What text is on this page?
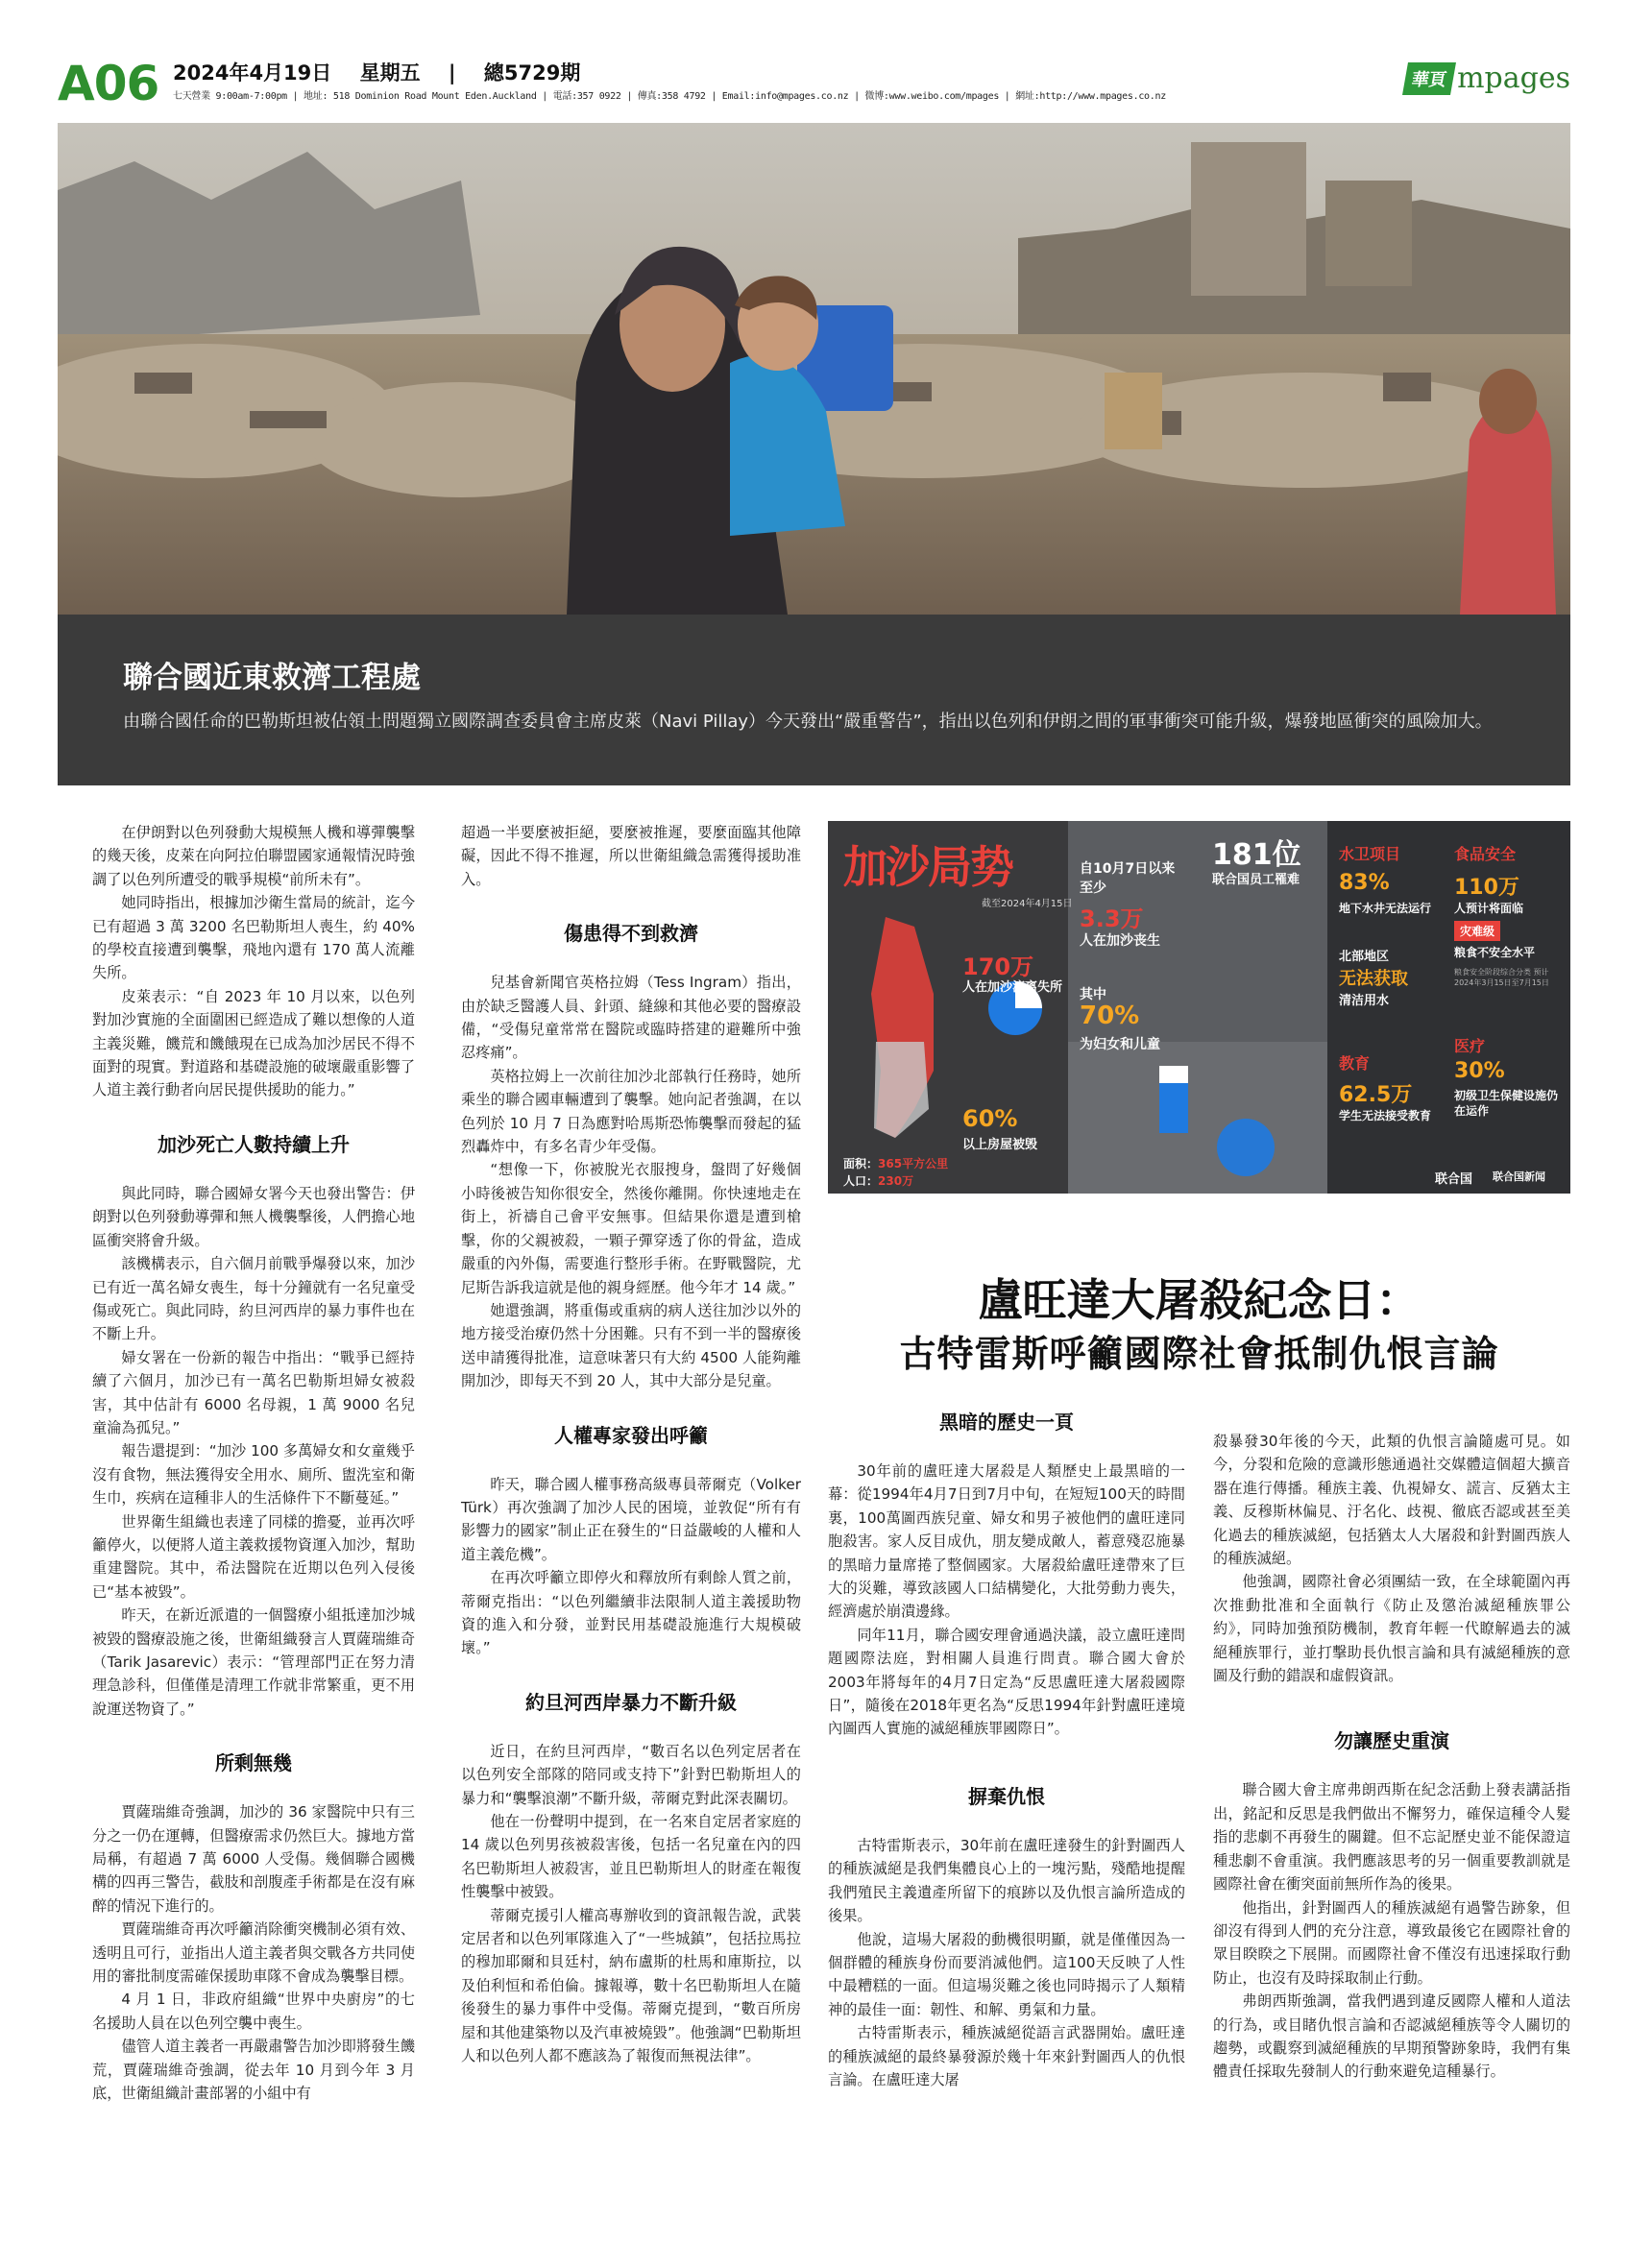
A06 2024年4月19日 星期五 | 總5729期
七天營業 9:00am-7:00pm | 地址: 518 Dominion Road Mount Eden.Auckland | 電話:357 0922 | 傳真:358 4792 | Email:info@mpages.co.nz | 微博:www.weibo.com/mpages | 網址:http://www.mpages.co.nz
華頁 mpages
聯合國近東救濟工程處
由聯合國任命的巴勒斯坦被佔領土問題獨立國際調查委員會主席皮萊（Navi Pillay）今天發出“嚴重警告”，指出以色列和伊朗之間的軍事衝突可能升級，爆發地區衝突的風險加大。

在伊朗對以色列發動大規模無人機和導彈襲擊的幾天後，皮萊在向阿拉伯聯盟國家通報情況時強調了以色列所遭受的戰爭規模“前所未有”。

她同時指出，根據加沙衛生當局的統計，迄今已有超過 3 萬 3200 名巴勒斯坦人喪生，約 40% 的學校直接遭到襲擊，飛地內還有 170 萬人流離失所。

皮萊表示：“自 2023 年 10 月以來，以色列對加沙實施的全面圍困已經造成了難以想像的人道主義災難，饑荒和饑餓現在已成為加沙居民不得不面對的現實。對道路和基礎設施的破壞嚴重影響了人道主義行動者向居民提供援助的能力。”

加沙死亡人數持續上升

與此同時，聯合國婦女署今天也發出警告：伊朗對以色列發動導彈和無人機襲擊後，人們擔心地區衝突將會升級。

該機構表示，自六個月前戰爭爆發以來，加沙已有近一萬名婦女喪生，每十分鐘就有一名兒童受傷或死亡。與此同時，約旦河西岸的暴力事件也在不斷上升。

婦女署在一份新的報告中指出：“戰爭已經持續了六個月，加沙已有一萬名巴勒斯坦婦女被殺害，其中估計有 6000 名母親，1 萬 9000 名兒童淪為孤兒。”

報告還提到：“加沙 100 多萬婦女和女童幾乎沒有食物，無法獲得安全用水、廁所、盥洗室和衛生巾，疾病在這種非人的生活條件下不斷蔓延。”

世界衛生組織也表達了同樣的擔憂，並再次呼籲停火，以便將人道主義救援物資運入加沙，幫助重建醫院。其中，希法醫院在近期以色列入侵後已“基本被毀”。

昨天，在新近派遣的一個醫療小組抵達加沙城被毀的醫療設施之後，世衛組織發言人賈薩瑞維奇（Tarik Jasarevic）表示：“管理部門正在努力清理急診科，但僅僅是清理工作就非常繁重，更不用說運送物資了。”

所剩無幾

賈薩瑞維奇強調，加沙的 36 家醫院中只有三分之一仍在運轉，但醫療需求仍然巨大。據地方當局稱，有超過 7 萬 6000 人受傷。幾個聯合國機構的四再三警告，截肢和剖腹產手術都是在沒有麻醉的情況下進行的。

賈薩瑞維奇再次呼籲消除衝突機制必須有效、透明且可行，並指出人道主義者與交戰各方共同使用的審批制度需確保援助車隊不會成為襲擊目標。

4 月 1 日，非政府組織“世界中央廚房”的七名援助人員在以色列空襲中喪生。

儘管人道主義者一再嚴肅警告加沙即將發生饑荒，賈薩瑞維奇強調，從去年 10 月到今年 3 月底，世衛組織計畫部署的小組中有

超過一半要麼被拒絕，要麼被推遲，要麼面臨其他障礙，因此不得不推遲，所以世衛組織急需獲得援助准入。

傷患得不到救濟

兒基會新聞官英格拉姆（Tess Ingram）指出，由於缺乏醫護人員、針頭、縫線和其他必要的醫療設備，“受傷兒童常常在醫院或臨時搭建的避難所中強忍疼痛”。

英格拉姆上一次前往加沙北部執行任務時，她所乘坐的聯合國車輛遭到了襲擊。她向記者強調，在以色列於 10 月 7 日為應對哈馬斯恐怖襲擊而發起的猛烈轟炸中，有多名青少年受傷。

“想像一下，你被脫光衣服搜身，盤問了好幾個小時後被告知你很安全，然後你離開。你快速地走在街上，祈禱自己會平安無事。但結果你還是遭到槍擊，你的父親被殺，一顆子彈穿透了你的骨盆，造成嚴重的內外傷，需要進行整形手術。在野戰醫院，尤尼斯告訴我這就是他的親身經歷。他今年才 14 歲。”

她還強調，將重傷或重病的病人送往加沙以外的地方接受治療仍然十分困難。只有不到一半的醫療後送申請獲得批准，這意味著只有大約 4500 人能夠離開加沙，即每天不到 20 人，其中大部分是兒童。

人權專家發出呼籲

昨天，聯合國人權事務高級專員蒂爾克（Volker Türk）再次強調了加沙人民的困境，並敦促“所有有影響力的國家”制止正在發生的“日益嚴峻的人權和人道主義危機”。

在再次呼籲立即停火和釋放所有剩餘人質之前，蒂爾克指出：“以色列繼續非法限制人道主義援助物資的進入和分發，並對民用基礎設施進行大規模破壞。”

約旦河西岸暴力不斷升級

近日，在約旦河西岸，“數百名以色列定居者在以色列安全部隊的陪同或支持下”針對巴勒斯坦人的暴力和“襲擊浪潮”不斷升級，蒂爾克對此深表關切。

他在一份聲明中提到，在一名來自定居者家庭的 14 歲以色列男孩被殺害後，包括一名兒童在內的四名巴勒斯坦人被殺害，並且巴勒斯坦人的財產在報復性襲擊中被毀。

蒂爾克援引人權高專辦收到的資訊報告說，武裝定居者和以色列軍隊進入了“一些城鎮”，包括拉馬拉的穆加耶爾和貝廷村，納布盧斯的杜馬和庫斯拉，以及伯利恒和希伯倫。據報導，數十名巴勒斯坦人在隨後發生的暴力事件中受傷。蒂爾克提到，“數百所房屋和其他建築物以及汽車被燒毀”。他強調“巴勒斯坦人和以色列人都不應該為了報復而無視法律”。

加沙局势
截至2024年4月15日
自10月7日以来至少
3.3万
人在加沙丧生
其中
70%
为妇女和儿童
170万
人在加沙流离失所
60%
以上房屋被毁
面积：365平方公里
人口：230万
181位
联合国员工罹难
水卫项目
83%
地下水井无法运行
北部地区
无法获取
清洁用水
食品安全
110万
人预计将面临
灾难级
粮食不安全水平
粮食安全阶段综合分类 预计2024年3月15日至7月15日
教育
62.5万
学生无法接受教育
医疗
30%
初级卫生保健设施仍在运作
联合国 联合国新闻
盧旺達大屠殺紀念日：
古特雷斯呼籲國際社會抵制仇恨言論
黑暗的歷史一頁

30年前的盧旺達大屠殺是人類歷史上最黑暗的一幕：從1994年4月7日到7月中旬，在短短100天的時間裏，100萬圖西族兒童、婦女和男子被他們的盧旺達同胞殺害。家人反目成仇，朋友變成敵人，蓄意殘忍施暴的黑暗力量席捲了整個國家。大屠殺給盧旺達帶來了巨大的災難，導致該國人口結構變化，大批勞動力喪失，經濟處於崩潰邊緣。

同年11月，聯合國安理會通過決議，設立盧旺達問題國際法庭，對相關人員進行問責。聯合國大會於2003年將每年的4月7日定為“反思盧旺達大屠殺國際日”，隨後在2018年更名為“反思1994年針對盧旺達境內圖西人實施的滅絕種族罪國際日”。

摒棄仇恨

古特雷斯表示，30年前在盧旺達發生的針對圖西人的種族滅絕是我們集體良心上的一塊污點，殘酷地提醒我們殖民主義遺產所留下的痕跡以及仇恨言論所造成的後果。

他說，這場大屠殺的動機很明顯，就是僅僅因為一個群體的種族身份而要消滅他們。這100天反映了人性中最糟糕的一面。但這場災難之後也同時揭示了人類精神的最佳一面：韌性、和解、勇氣和力量。

古特雷斯表示，種族滅絕從語言武器開始。盧旺達的種族滅絕的最終暴發源於幾十年來針對圖西人的仇恨言論。在盧旺達大屠

殺暴發30年後的今天，此類的仇恨言論隨處可見。如今，分裂和危險的意識形態通過社交媒體這個超大擴音器在進行傳播。種族主義、仇視婦女、謊言、反猶太主義、反穆斯林偏見、汙名化、歧視、徹底否認或甚至美化過去的種族滅絕，包括猶太人大屠殺和針對圖西族人的種族滅絕。

他強調，國際社會必須團結一致，在全球範圍內再次推動批准和全面執行《防止及懲治滅絕種族罪公約》，同時加強預防機制，教育年輕一代瞭解過去的滅絕種族罪行，並打擊助長仇恨言論和具有滅絕種族的意圖及行動的錯誤和虛假資訊。

勿讓歷史重演

聯合國大會主席弗朗西斯在紀念活動上發表講話指出，銘記和反思是我們做出不懈努力，確保這種令人髮指的悲劇不再發生的關鍵。但不忘記歷史並不能保證這種悲劇不會重演。我們應該思考的另一個重要教訓就是國際社會在衝突面前無所作為的後果。

他指出，針對圖西人的種族滅絕有過警告跡象，但卻沒有得到人們的充分注意，導致最後它在國際社會的眾目睽睽之下展開。而國際社會不僅沒有迅速採取行動防止，也沒有及時採取制止行動。

弗朗西斯強調，當我們遇到違反國際人權和人道法的行為，或目睹仇恨言論和否認滅絕種族等令人關切的趨勢，或觀察到滅絕種族的早期預警跡象時，我們有集體責任採取先發制人的行動來避免這種暴行。
